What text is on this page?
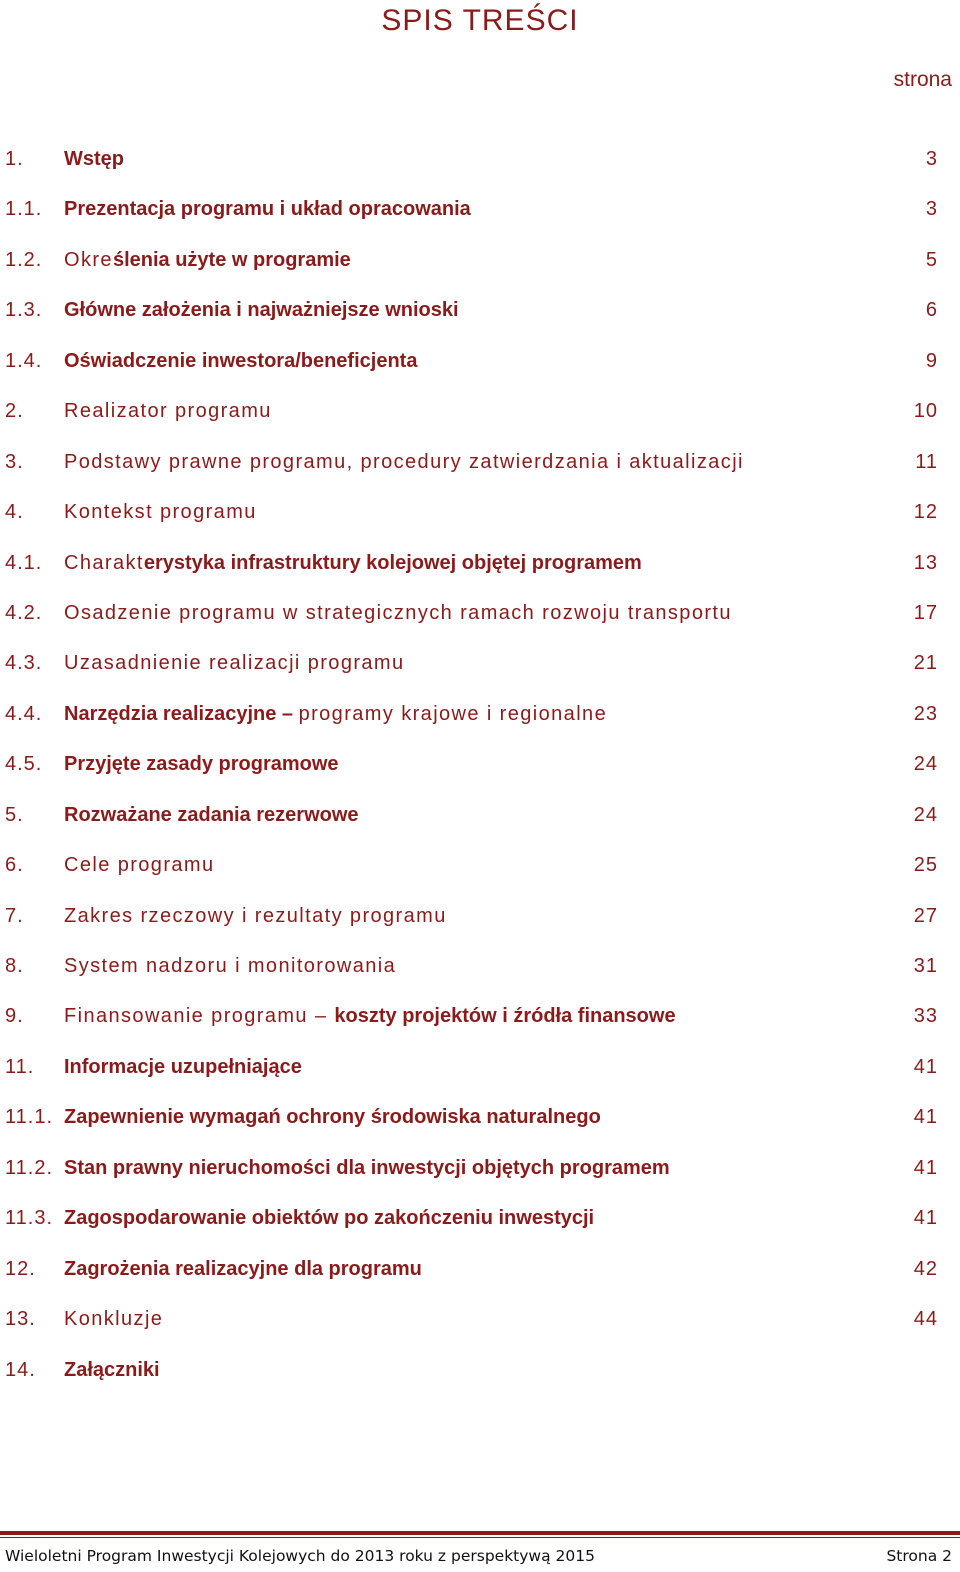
SPIS TREŚCI
strona
1. Wstęp	3
1.1. Prezentacja programu i układ opracowania	3
1.2. Określenia użyte w programie	5
1.3. Główne założenia i najważniejsze wnioski	6
1.4. Oświadczenie inwestora/beneficjenta	9
2. Realizator programu	10
3. Podstawy prawne programu, procedury zatwierdzania i aktualizacji	11
4. Kontekst programu	12
4.1. Charakterystyka infrastruktury kolejowej objętej programem	13
4.2. Osadzenie programu w strategicznych ramach rozwoju transportu	17
4.3. Uzasadnienie realizacji programu	21
4.4. Narzędzia realizacyjne – programy krajowe i regionalne	23
4.5. Przyjęte zasady programowe	24
5. Rozważane zadania rezerwowe	24
6. Cele programu	25
7. Zakres rzeczowy i rezultaty programu	27
8. System nadzoru i monitorowania	31
9. Finansowanie programu – koszty projektów i źródła finansowe	33
11. Informacje uzupełniające	41
11.1. Zapewnienie wymagań ochrony środowiska naturalnego	41
11.2. Stan prawny nieruchomości dla inwestycji objętych programem	41
11.3. Zagospodarowanie obiektów po zakończeniu inwestycji	41
12. Zagrożenia realizacyjne dla programu	42
13. Konkluzje	44
14. Załączniki
Wieloletni Program Inwestycji Kolejowych do 2013 roku z perspektywą 2015	Strona 2
